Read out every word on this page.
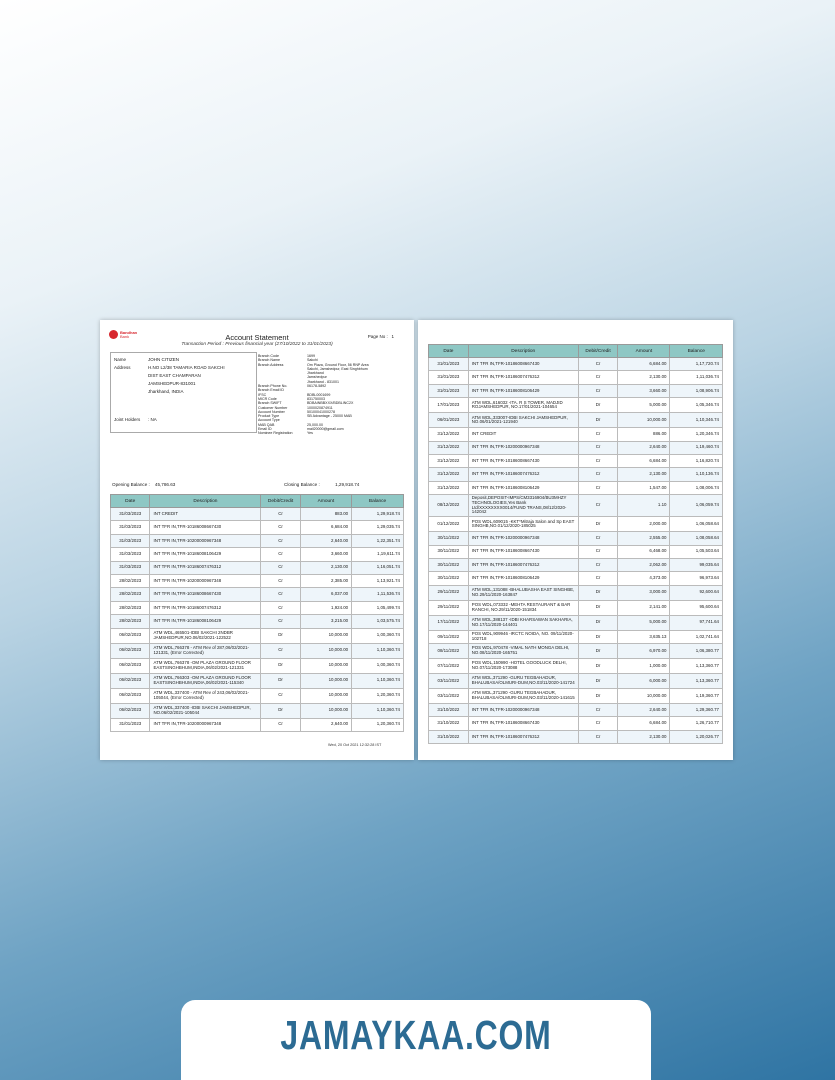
Bandhan
Bank	Account Statement	Page No : 1
Transaction Period : Previous financial year (27/10/2022 to 31/01/2023)
Name	JOHN CITIZEN
Address	H.NO L2/38 TAMARIA ROAD SAKCHI
DIST EAST CHAMPARAN
JAMSHEDPUR-831001
Jharkhand, INDIA
Joint Holders : NA
Branch Code	1699
Branch Name	Sakchi
Branch Address	Om Plaza, Ground Floor, 56 RNP Area
Sakchi, Jamshedpur, East Singhbhum
Jharkhand
Jamshedpur
Jharkhand - 831001
Branch Phone No.	06178-5892
Branch Email ID
IFSC	BDBL0001699
MICR Code	831750003
Branch SWIFT	BDBAINBBXXX/BDBLINC2X
Customer Number	1000020874911
Account Number	50100041000278
Product Type	SB Advantage - 25000 MAB
Account Type
MAB QAB	25,000.00
Email ID	mail20000@gmail.com
Nominee Registration	Yes
Opening Balance : 45,786.63	Closing Balance :	1,29,918.74
Date	Description	Debit/Credit	Amount	Balance
31/03/2023	INT CREDIT	Cr	883.00	1,29,918.74
31/03/2023	INT TFR IN,TFR-10186008667430	Cr	6,684.00	1,29,035.74
31/03/2023	INT TFR IN,TFR-10200000967348	Cr	2,640.00	1,22,351.74
31/03/2023	INT TFR IN,TFR-10186008106429	Cr	3,660.00	1,19,611.74
31/03/2023	INT TFR IN,TFR-10186007476312	Cr	2,130.00	1,16,051.74
28/02/2023	INT TFR IN,TFR-10200000967348	Cr	2,385.00	1,13,921.74
28/02/2023	INT TFR IN,TFR-10186008667430	Cr	6,037.00	1,11,536.74
28/02/2023	INT TFR IN,TFR-10186007476312	Cr	1,924.00	1,05,499.74
28/02/2023	INT TFR IN,TFR-10186008106429	Cr	3,215.00	1,03,575.74
06/02/2023	ATM WDL,465501-IDBI SAKCHI 2NDBR JAMSHEDPUR,NO.06/02/2021-122522	Dr	10,000.00	1,00,360.74
06/02/2023	ATM WDL,766378 - ATM Rev of 287,06/02/2021-121331, (Error Corrected)	Cr	10,000.00	1,10,360.74
06/02/2023	ATM WDL,766378 -OM PLAZA GROUND FLOOR EASTSINGHBHUM,INDIA,06/02/2021-121331	Dr	10,000.00	1,00,360.74
06/02/2023	ATM WDL,766303 -OM PLAZA GROUND FLOOR EASTSINGHBHUM,INDIA,06/02/2021-115340	Dr	10,000.00	1,10,360.74
06/02/2023	ATM WDL,337400 - ATM Rev of 243,06/02/2021-105044, (Error Corrected)	Cr	10,000.00	1,20,360.74
06/02/2023	ATM WDL,337400 -IDBI SAKCHI JAMSHEDPUR, NO.06/02/2021-105044	Dr	10,000.00	1,10,360.74
31/01/2023	INT TFR IN,TFR-10200000967348	Cr	2,640.00	1,20,360.74
Wed, 20 Oct 2021 12:32:28 IST
Date	Description	Debit/Credit	Amount	Balance
31/01/2023	INT TFR IN,TFR-10186008667430	Cr	6,684.00	1,17,720.74
31/01/2023	INT TFR IN,TFR-10186007476312	Cr	2,130.00	1,11,036.74
31/01/2023	INT TFR IN,TFR-10186008106429	Cr	3,660.00	1,08,906.74
17/01/2023	ATM WDL,616032 -ITA. R S TOWER, MADJID ROJAMSHEDPUR, NO.17/01/2021-104654	Dr	5,000.00	1,05,346.74
06/01/2023	ATM WDL,333007-IDBI SAKCHI JAMSHEDPUR, NO.06/01/2021-121940	Dr	10,000.00	1,10,346.74
31/12/2022	INT CREDIT	Cr	886.00	1,20,346.74
31/12/2022	INT TFR IN,TFR-10200000967348	Cr	2,640.00	1,19,460.74
31/12/2022	INT TFR IN,TFR-10186008667430	Cr	6,684.00	1,16,820.74
31/12/2022	INT TFR IN,TFR-10186007476312	Cr	2,130.00	1,10,136.74
31/12/2022	INT TFR IN,TFR-10186008106429	Cr	1,547.00	1,08,006.74
08/12/2022	Deposit,DEPOSIT-IMPS/CM3316904/BU3MHZY TECHNOLOGIES,Yes Bank Ltd/XXXXXXXX0014/FUND TRANS,08/12/2020-142042	Cr	1.10	1,06,059.74
01/12/2022	POS WDL,609015 -KKT*Mitraja Salon and Sp EAST SINGHB,NO.01/12/2020-185025	Dr	2,000.00	1,06,058.64
30/11/2022	INT TFR IN,TFR-10200000967348	Cr	2,555.00	1,08,058.64
30/11/2022	INT TFR IN,TFR-10186008667430	Cr	6,468.00	1,05,503.64
30/11/2022	INT TFR IN,TFR-10186007476312	Cr	2,062.00	99,035.64
30/11/2022	INT TFR IN,TFR-10186008106429	Cr	4,373.00	96,973.64
29/11/2022	ATM WDL,131088 -BHALUBASHA EAST SINGHBE, NO.29/11/2020-163847	Dr	3,000.00	92,600.64
29/11/2022	POS WDL,073332 -MEHTA RESTAURANT & BAR RANCHI, NO.29/11/2020-151834	Dr	2,141.00	95,600.64
17/11/2022	ATM WDL,388137 -IDBI KHARSAWAN SAKHARIA, NO.17/11/2020-144401	Dr	5,000.00	97,741.64
09/11/2022	POS WDL,909946 -IRCTC NOIDA, NO. 09/11/2020-102718	Dr	3,635.13	1,02,741.64
08/11/2022	POS WDL,970478 -VIMAL NATH MONGA DELHI, NO.08/11/2020-165751	Dr	6,970.00	1,06,380.77
07/11/2022	POS WDL,150990 -HOTEL GOODLUCK DELHI, NO.07/11/2020-173088	Dr	1,000.00	1,13,360.77
03/11/2022	ATM WDL,371290 -GURU TEGBAHADUR, BHALUBASA/OLMURI-DUM,NO.03/11/2020-141724	Dr	6,000.00	1,13,360.77
03/11/2022	ATM WDL,371290 -GURU TEGBAHADUR, BHALUBASA/OLMURI-DUM,NO.03/11/2020-141615	Dr	10,000.00	1,19,360.77
31/10/2022	INT TFR IN,TFR-10200000967348	Cr	2,640.00	1,29,360.77
31/10/2022	INT TFR IN,TFR-10186008667430	Cr	6,684.00	1,26,710.77
31/10/2022	INT TFR IN,TFR-10186007476312	Cr	2,130.00	1,20,026.77
JAMAYKAA.COM
